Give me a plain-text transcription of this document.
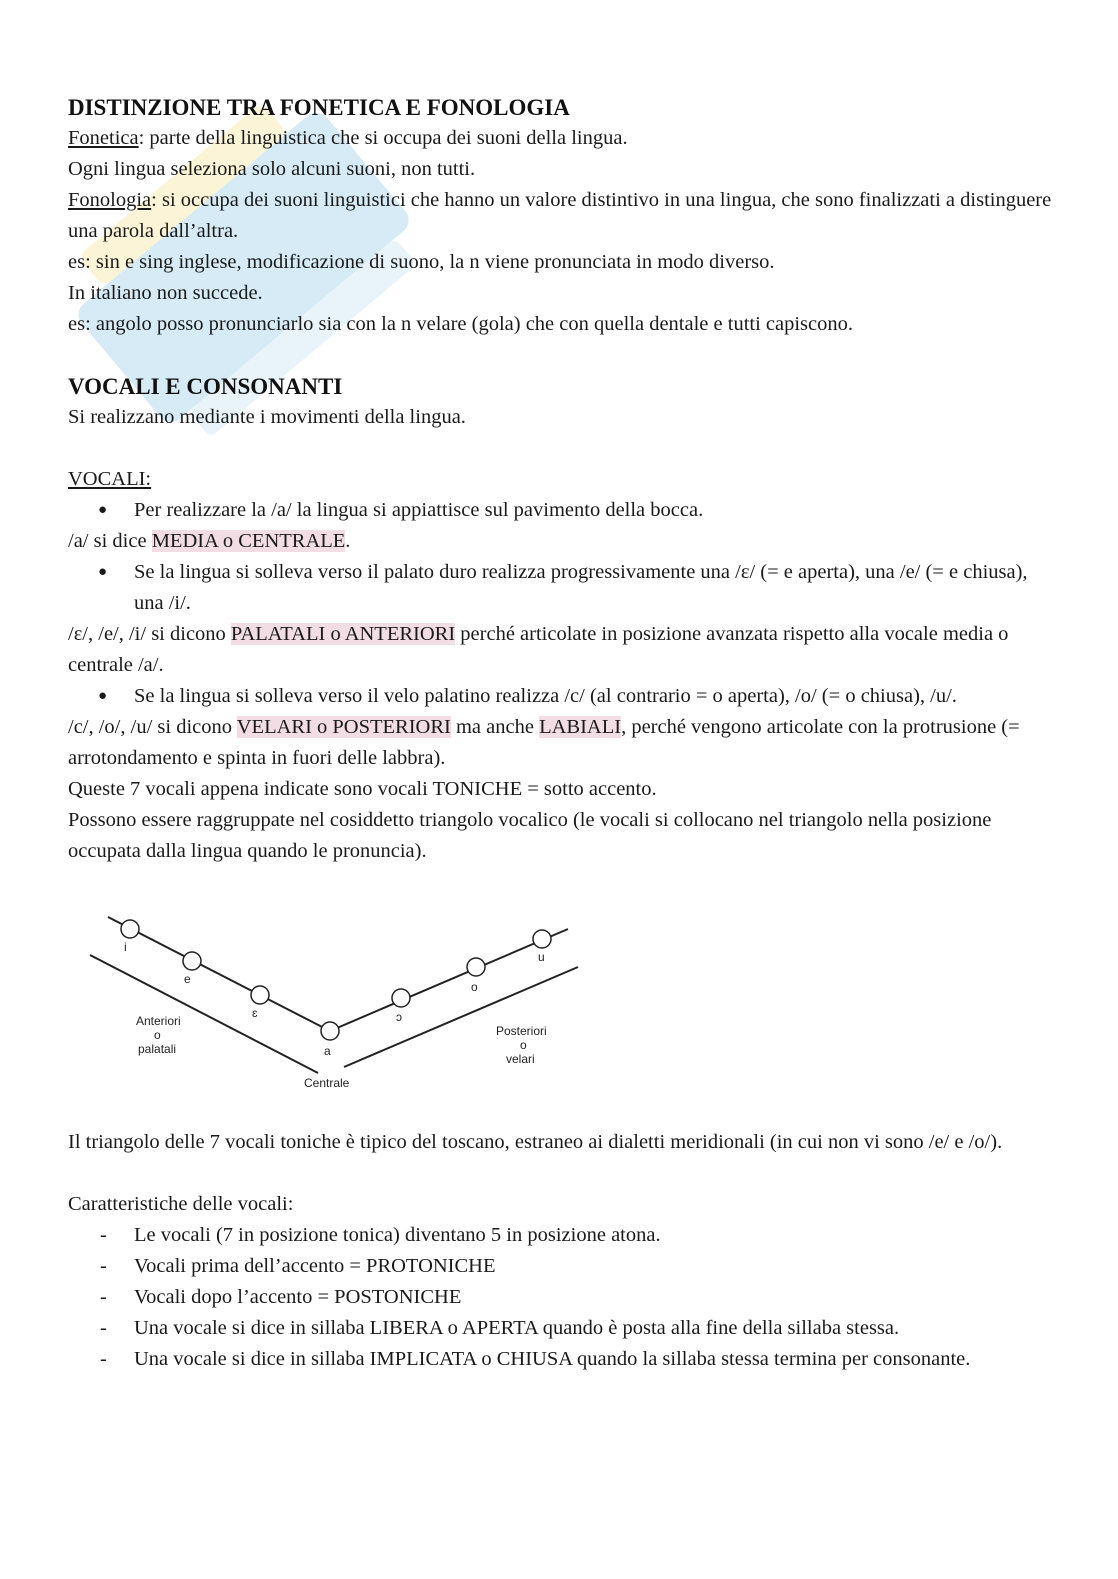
DISTINZIONE TRA FONETICA E FONOLOGIA

Fonetica: parte della linguistica che si occupa dei suoni della lingua.

Ogni lingua seleziona solo alcuni suoni, non tutti.

Fonologia: si occupa dei suoni linguistici che hanno un valore distintivo in una lingua, che sono finalizzati a distinguere una parola dall’altra.

es: sin e sing inglese, modificazione di suono, la n viene pronunciata in modo diverso.

In italiano non succede.

es: angolo posso pronunciarlo sia con la n velare (gola) che con quella dentale e tutti capiscono.

VOCALI E CONSONANTI

Si realizzano mediante i movimenti della lingua.

VOCALI:

● Per realizzare la /a/ la lingua si appiattisce sul pavimento della bocca.

/a/ si dice MEDIA o CENTRALE.

● Se la lingua si solleva verso il palato duro realizza progressivamente una /ɛ/ (= e aperta), una /e/ (= e chiusa), una /i/.

/ɛ/, /e/, /i/ si dicono PALATALI o ANTERIORI perché articolate in posizione avanzata rispetto alla vocale media o centrale /a/.

● Se la lingua si solleva verso il velo palatino realizza /c/ (al contrario = o aperta), /o/ (= o chiusa), /u/.

/c/, /o/, /u/ si dicono VELARI o POSTERIORI ma anche LABIALI, perché vengono articolate con la protrusione (= arrotondamento e spinta in fuori delle labbra).

Queste 7 vocali appena indicate sono vocali TONICHE = sotto accento.

Possono essere raggruppate nel cosiddetto triangolo vocalico (le vocali si collocano nel triangolo nella posizione occupata dalla lingua quando le pronuncia).

i
e
ɛ
a
ɔ
o
u
Anteriori
o
palatali
Posteriori
o
velari
Centrale

Il triangolo delle 7 vocali toniche è tipico del toscano, estraneo ai dialetti meridionali (in cui non vi sono /e/ e /o/).

Caratteristiche delle vocali:

- Le vocali (7 in posizione tonica) diventano 5 in posizione atona.
- Vocali prima dell’accento = PROTONICHE
- Vocali dopo l’accento = POSTONICHE
- Una vocale si dice in sillaba LIBERA o APERTA quando è posta alla fine della sillaba stessa.
- Una vocale si dice in sillaba IMPLICATA o CHIUSA quando la sillaba stessa termina per consonante.
